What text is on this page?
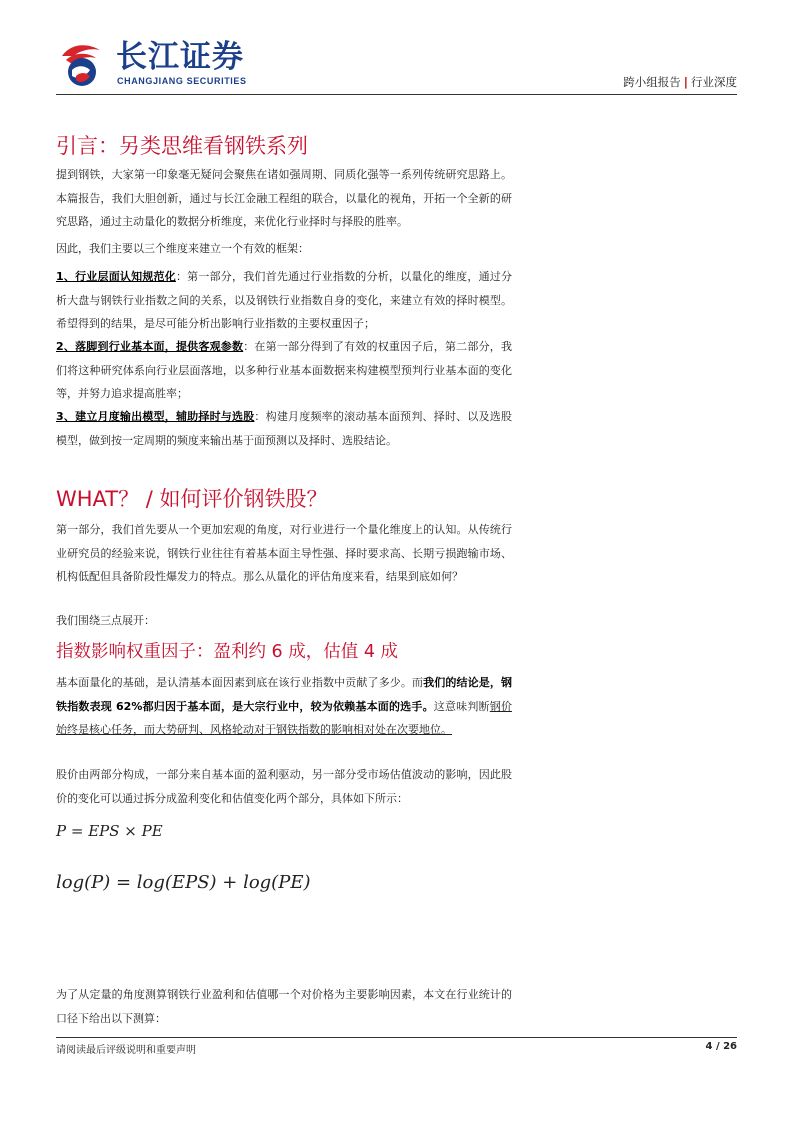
长江证券
CHANGJIANG SECURITIES	跨小组报告 | 行业深度
引言：另类思维看钢铁系列
提到钢铁，大家第一印象毫无疑问会聚焦在诸如强周期、同质化强等一系列传统研究思路上。本篇报告，我们大胆创新，通过与长江金融工程组的联合，以量化的视角，开拓一个全新的研究思路，通过主动量化的数据分析维度，来优化行业择时与择股的胜率。
因此，我们主要以三个维度来建立一个有效的框架：
1、行业层面认知规范化：第一部分，我们首先通过行业指数的分析，以量化的维度，通过分析大盘与钢铁行业指数之间的关系，以及钢铁行业指数自身的变化，来建立有效的择时模型。希望得到的结果，是尽可能分析出影响行业指数的主要权重因子；
2、落脚到行业基本面，提供客观参数：在第一部分得到了有效的权重因子后，第二部分，我们将这种研究体系向行业层面落地，以多种行业基本面数据来构建模型预判行业基本面的变化等，并努力追求提高胜率；
3、建立月度输出模型，辅助择时与选股：构建月度频率的滚动基本面预判、择时、以及选股模型，做到按一定周期的频度来输出基于面预测以及择时、选股结论。
WHAT？ / 如何评价钢铁股？
第一部分，我们首先要从一个更加宏观的角度，对行业进行一个量化维度上的认知。从传统行业研究员的经验来说，钢铁行业往往有着基本面主导性强、择时要求高、长期亏损跑输市场、机构低配但具备阶段性爆发力的特点。那么从量化的评估角度来看，结果到底如何？
我们围绕三点展开：
指数影响权重因子：盈利约 6 成，估值 4 成
基本面量化的基础，是认清基本面因素到底在该行业指数中贡献了多少。而我们的结论是，钢铁指数表现 62%都归因于基本面，是大宗行业中，较为依赖基本面的选手。这意味判断钢价始终是核心任务，而大势研判、风格轮动对于钢铁指数的影响相对处在次要地位。
股价由两部分构成，一部分来自基本面的盈利驱动，另一部分受市场估值波动的影响，因此股价的变化可以通过拆分成盈利变化和估值变化两个部分，具体如下所示：
P = EPS × PE
log(P) = log(EPS) + log(PE)
为了从定量的角度测算钢铁行业盈利和估值哪一个对价格为主要影响因素，本文在行业统计的口径下给出以下测算：
请阅读最后评级说明和重要声明	4 / 26
